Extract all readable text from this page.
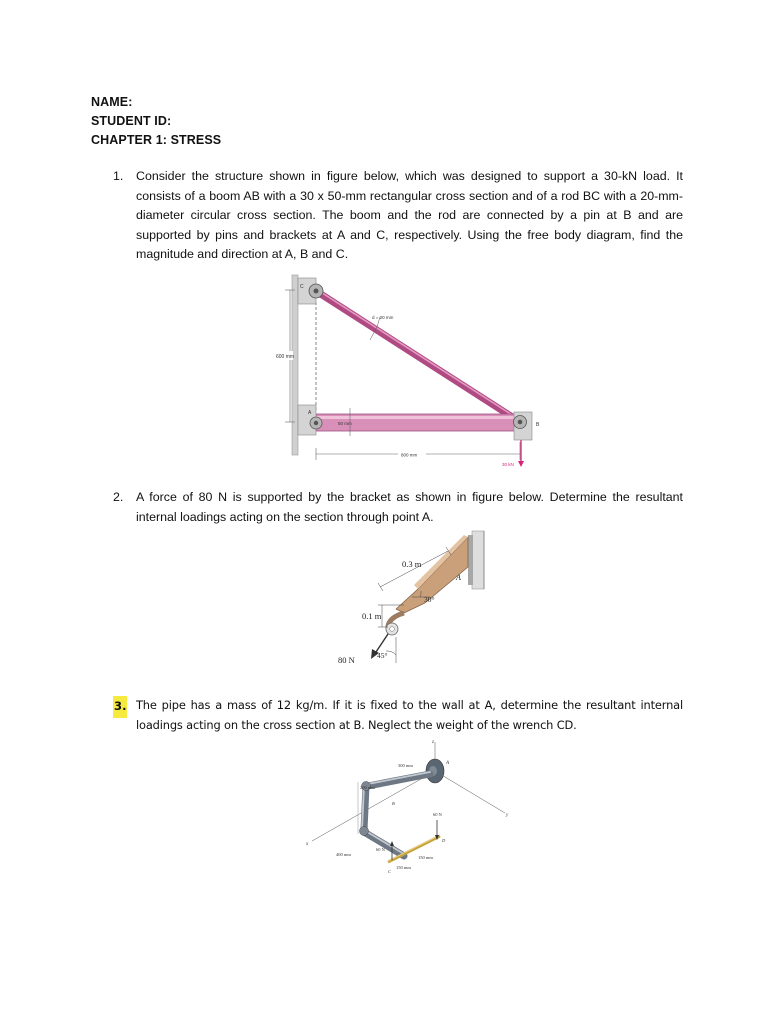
NAME:
STUDENT ID:
CHAPTER 1: STRESS
1. Consider the structure shown in figure below, which was designed to support a 30-kN load. It consists of a boom AB with a 30 x 50-mm rectangular cross section and of a rod BC with a 20-mm-diameter circular cross section. The boom and the rod are connected by a pin at B and are supported by pins and brackets at A and C, respectively. Using the free body diagram, find the magnitude and direction at A, B and C.
600 mm
C
A
B
d = 20 mm
50 mm
800 mm
30 kN
2. A force of 80 N is supported by the bracket as shown in figure below. Determine the resultant internal loadings acting on the section through point A.
A
0.3 m
30°
0.1 m
80 N	45°
3. The pipe has a mass of 12 kg/m. If it is fixed to the wall at A, determine the resultant internal loadings acting on the cross section at B. Neglect the weight of the wrench CD.
z
x
y
A
B
C
D
60 N
60 N
300 mm
200 mm
400 mm
150 mm
150 mm
